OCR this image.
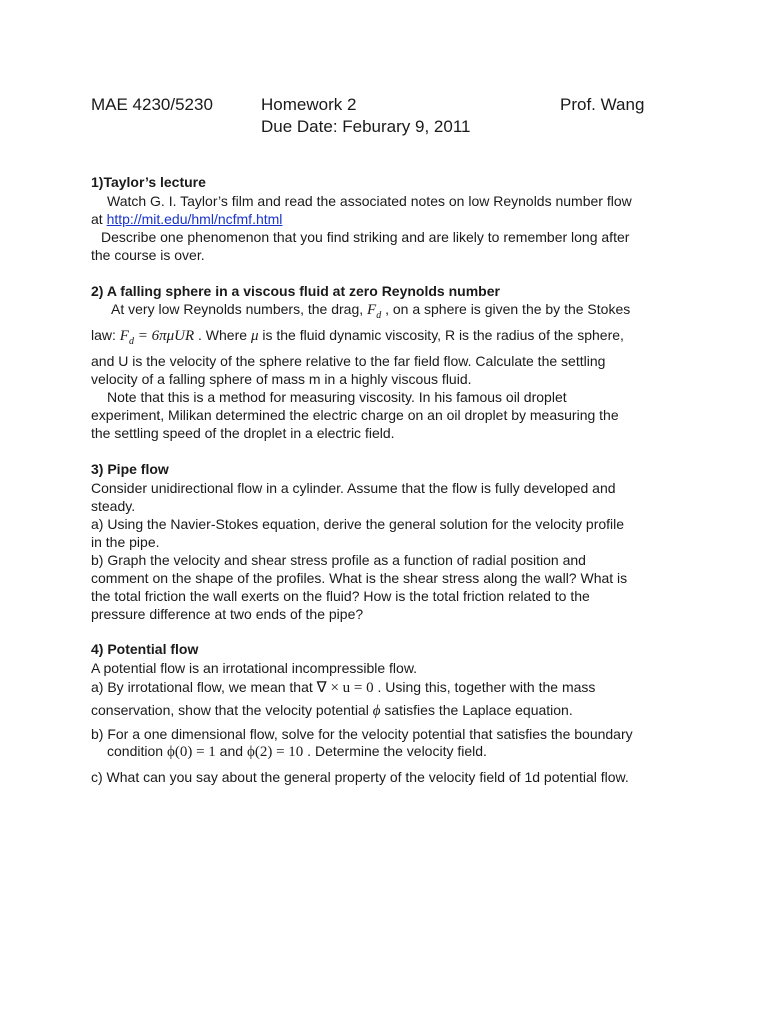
MAE 4230/5230	Homework 2	Prof. Wang
Due Date: Feburary 9, 2011
1)Taylor’s lecture
Watch G. I. Taylor’s film and read the associated notes on low Reynolds number flow
at http://mit.edu/hml/ncfmf.html
Describe one phenomenon that you find striking and are likely to remember long after
the course is over.
2) A falling sphere in a viscous fluid at zero Reynolds number
At very low Reynolds numbers, the drag, $F_d$ , on a sphere is given the by the Stokes
law: $F_d = 6\pi\mu UR$ . Where μ is the fluid dynamic viscosity, R is the radius of the sphere,
and U is the velocity of the sphere relative to the far field flow. Calculate the settling
velocity of a falling sphere of mass m in a highly viscous fluid.
Note that this is a method for measuring viscosity. In his famous oil droplet
experiment, Milikan determined the electric charge on an oil droplet by measuring the
the settling speed of the droplet in a electric field.
3) Pipe flow
Consider unidirectional flow in a cylinder. Assume that the flow is fully developed and
steady.
a) Using the Navier-Stokes equation, derive the general solution for the velocity profile
in the pipe.
b) Graph the velocity and shear stress profile as a function of radial position and
comment on the shape of the profiles. What is the shear stress along the wall? What is
the total friction the wall exerts on the fluid? How is the total friction related to the
pressure difference at two ends of the pipe?
4) Potential flow
A potential flow is an irrotational incompressible flow.
a) By irrotational flow, we mean that ∇ × u = 0 . Using this, together with the mass
conservation, show that the velocity potential ϕ satisfies the Laplace equation.
b) For a one dimensional flow, solve for the velocity potential that satisfies the boundary
condition ϕ(0) = 1 and ϕ(2) = 10 . Determine the velocity field.
c) What can you say about the general property of the velocity field of 1d potential flow.
